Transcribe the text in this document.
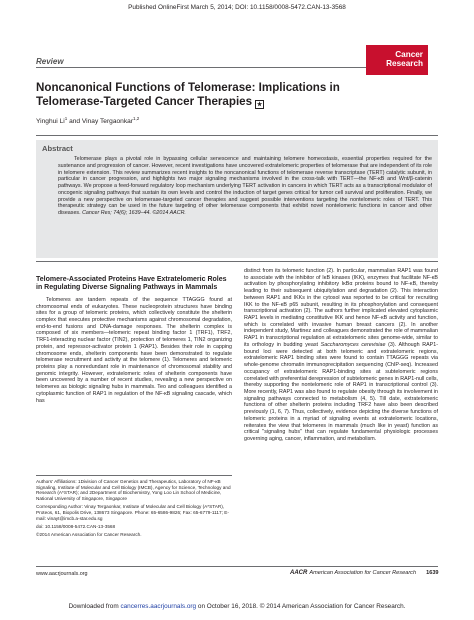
Published OnlineFirst March 5, 2014; DOI: 10.1158/0008-5472.CAN-13-3568
Review
Cancer
Research
Noncanonical Functions of Telomerase: Implications in
Telomerase-Targeted Cancer Therapies ★
Yinghui Li$^1$ and Vinay Tergaonkar$^{1,2}$
Abstract
Telomerase plays a pivotal role in bypassing cellular senescence and maintaining telomere homeostasis, essential properties required for the sustenance and progression of cancer. However, recent investigations have uncovered extratelomeric properties of telomerase that are independent of its role in telomere extension. This review summarizes recent insights to the noncanonical functions of telomerase reverse transcriptase (TERT) catalytic subunit, in particular in cancer progression, and highlights two major signaling mechanisms involved in the cross-talk with TERT—the NF-κB and Wnt/β-catenin pathways. We propose a feed-forward regulatory loop mechanism underlying TERT activation in cancers in which TERT acts as a transcriptional modulator of oncogenic signaling pathways that sustain its own levels and control the induction of target genes critical for tumor cell survival and proliferation. Finally, we provide a new perspective on telomerase-targeted cancer therapies and suggest possible interventions targeting the nontelomeric roles of TERT. This therapeutic strategy can be used in the future targeting of other telomerase components that exhibit novel nontelomeric functions in cancer and other diseases. Cancer Res; 74(6); 1639–44. ©2014 AACR.
Telomere-Associated Proteins Have Extratelomeric Roles in Regulating Diverse Signaling Pathways in Mammals
Telomeres are tandem repeats of the sequence TTAGGG found at chromosomal ends of eukaryotes. These nucleoprotein structures have binding sites for a group of telomeric proteins, which collectively constitute the shelterin complex that executes protective mechanisms against chromosomal degradation, end-to-end fusions and DNA-damage responses. The shelterin complex is composed of six members—telomeric repeat binding factor 1 (TRF1), TRF2, TRF1-interacting nuclear factor (TIN2), protection of telomeres 1, TIN2 organizing protein, and repressor-activator protein 1 (RAP1). Besides their role in capping chromosome ends, shelterin components have been demonstrated to regulate telomerase recruitment and activity at the telomere (1). Telomeres and telomeric proteins play a nonredundant role in maintenance of chromosomal stability and genomic integrity. However, extratelomeric roles of shelterin components have been uncovered by a number of recent studies, revealing a new perspective on telomeres as biologic signaling hubs in mammals. Teo and colleagues identified a cytoplasmic function of RAP1 in regulation of the NF-κB signaling cascade, which has
distinct from its telomeric function (2). In particular, mammalian RAP1 was found to associate with the inhibitor of IκB kinases (IKK), enzymes that facilitate NF-κB activation by phosphorylating inhibitory IκBα proteins bound to NF-κB, thereby leading to their subsequent ubiquitylation and degradation (2). This interaction between RAP1 and IKKs in the cytosol was reported to be critical for recruiting IKK to the NF-κB p65 subunit, resulting in its phosphorylation and consequent transcriptional activation (2). The authors further implicated elevated cytoplasmic RAP1 levels in mediating constitutive IKK and hence NF-κB activity and function, which is correlated with invasive human breast cancers (2). In another independent study, Martinez and colleagues demonstrated the role of mammalian RAP1 in transcriptional regulation at extratelomeric sites genome-wide, similar to its orthology in budding yeast Saccharomyces cerevisiae (3). Although RAP1-bound loci were detected at both telomeric and extratelomeric regions, extratelomeric RAP1 binding sites were found to contain TTAGGG repeats via whole-genome chromatin immunoprecipitation sequencing (ChIP-seq). Increased occupancy of extratelomeric RAP1-binding sites at subtelomeric regions correlated with preferential derepression of subtelomeric genes in RAP1-null cells, thereby supporting the nontelomeric role of RAP1 in transcriptional control (3). More recently, RAP1 was also found to regulate obesity through its involvement in signaling pathways connected to metabolism (4, 5). Till date, extratelomeric functions of other shelterin proteins including TRF2 have also been described previously (1, 6, 7). Thus, collectively, evidence depicting the diverse functions of telomeric proteins in a myriad of signaling events at extratelomeric locations, reiterates the view that telomeres in mammals (much like in yeast) function as critical "signaling hubs" that can regulate fundamental physiologic processes governing aging, cancer, inflammation, and metabolism.

Authors' Affiliations: 1Division of Cancer Genetics and Therapeutics, Laboratory of NF-κB Signaling, Institute of Molecular and Cell Biology (IMCB), Agency for Science, Technology and Research (A*STAR); and 2Department of Biochemistry, Yong Loo Lin School of Medicine, National University of Singapore, Singapore

Corresponding Author: Vinay Tergaonkar, Institute of Molecular and Cell Biology (A*STAR), Proteos, 61, Biopolis Drive, 138673 Singapore. Phone: 65-6586-9826; Fax: 65-6779-1117; E-mail: vinayt@imcb.a-star.edu.sg

doi: 10.1158/0008-5472.CAN-13-3568

©2014 American Association for Cancer Research.

www.aacrjournals.org	AACR American Association for Cancer Research 1639
Downloaded from cancerres.aacrjournals.org on October 16, 2018. © 2014 American Association for Cancer Research.
